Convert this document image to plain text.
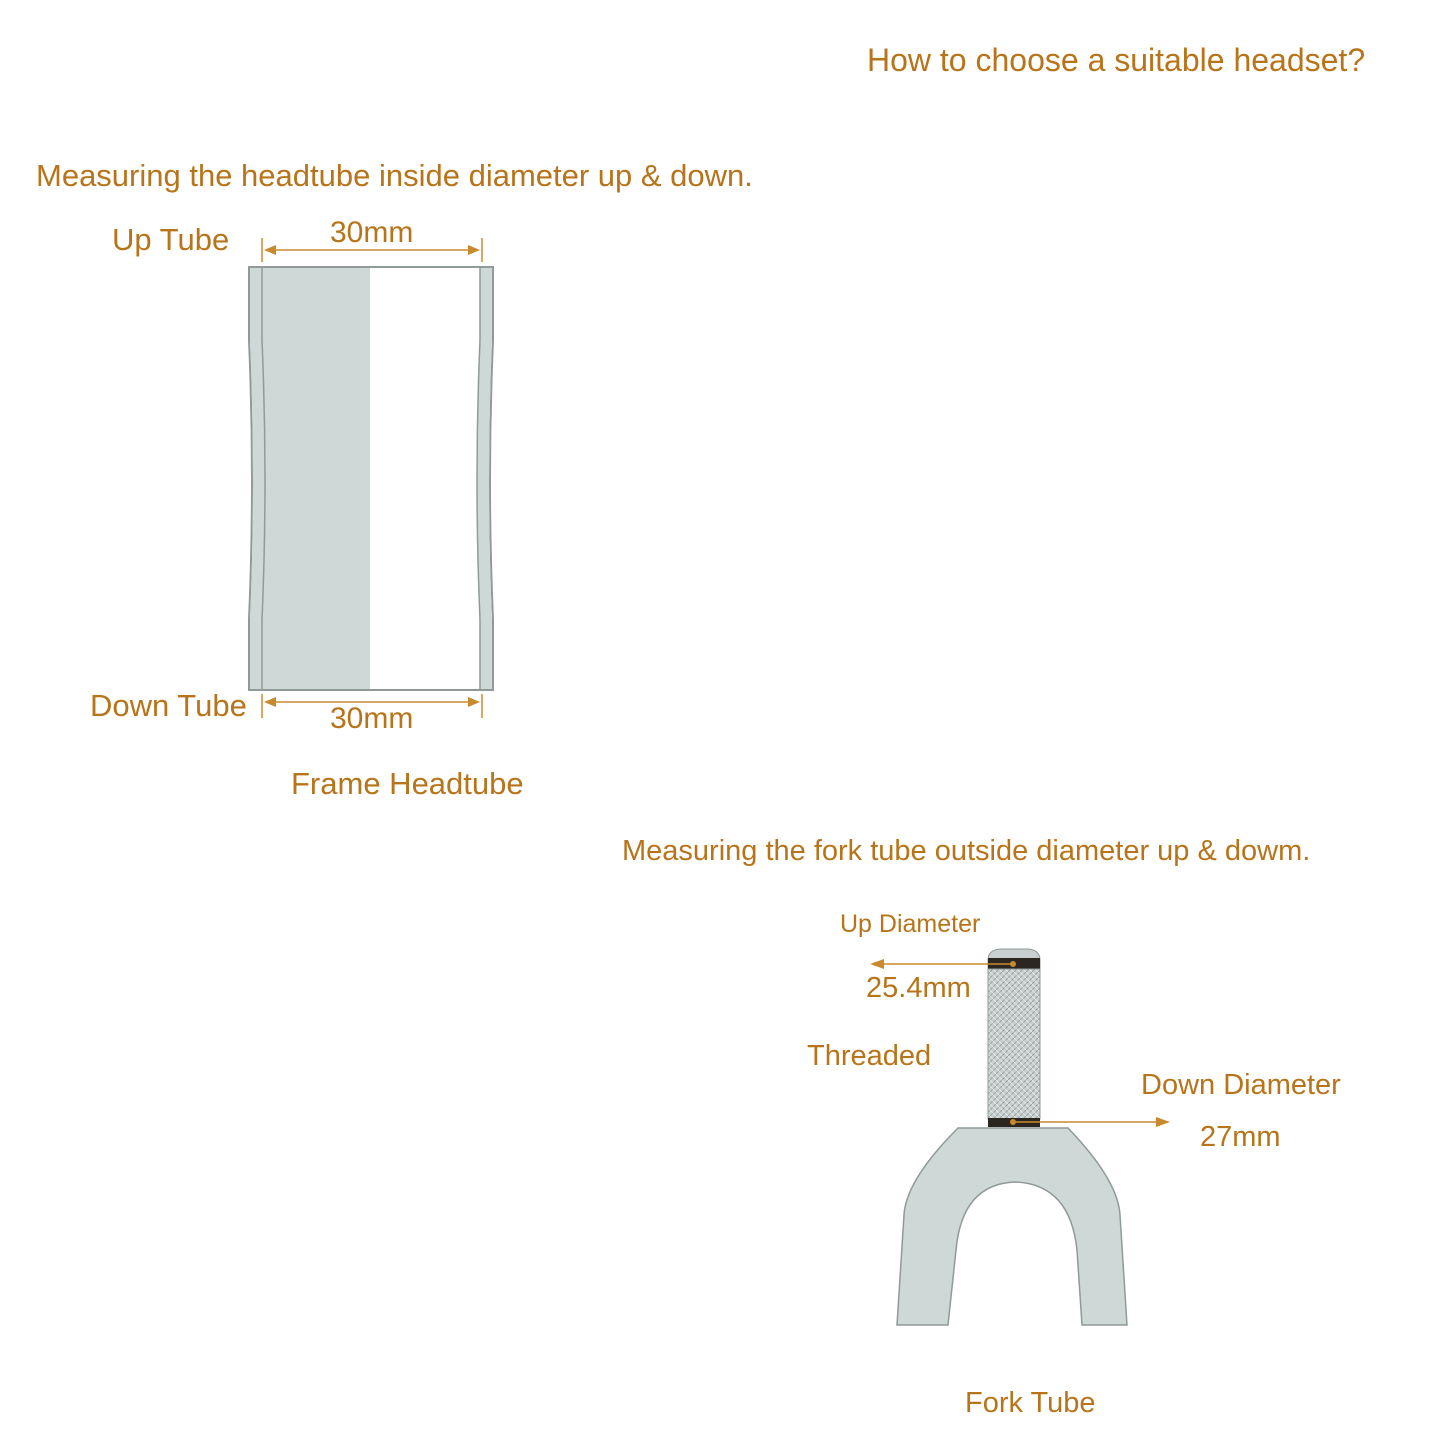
How to choose a suitable headset?
Measuring the headtube inside diameter up & down.
Up Tube	30mm
Down Tube	30mm
Frame Headtube
Measuring the fork tube outside diameter up & dowm.
Up Diameter
25.4mm
Threaded
Down Diameter
27mm
Fork Tube
